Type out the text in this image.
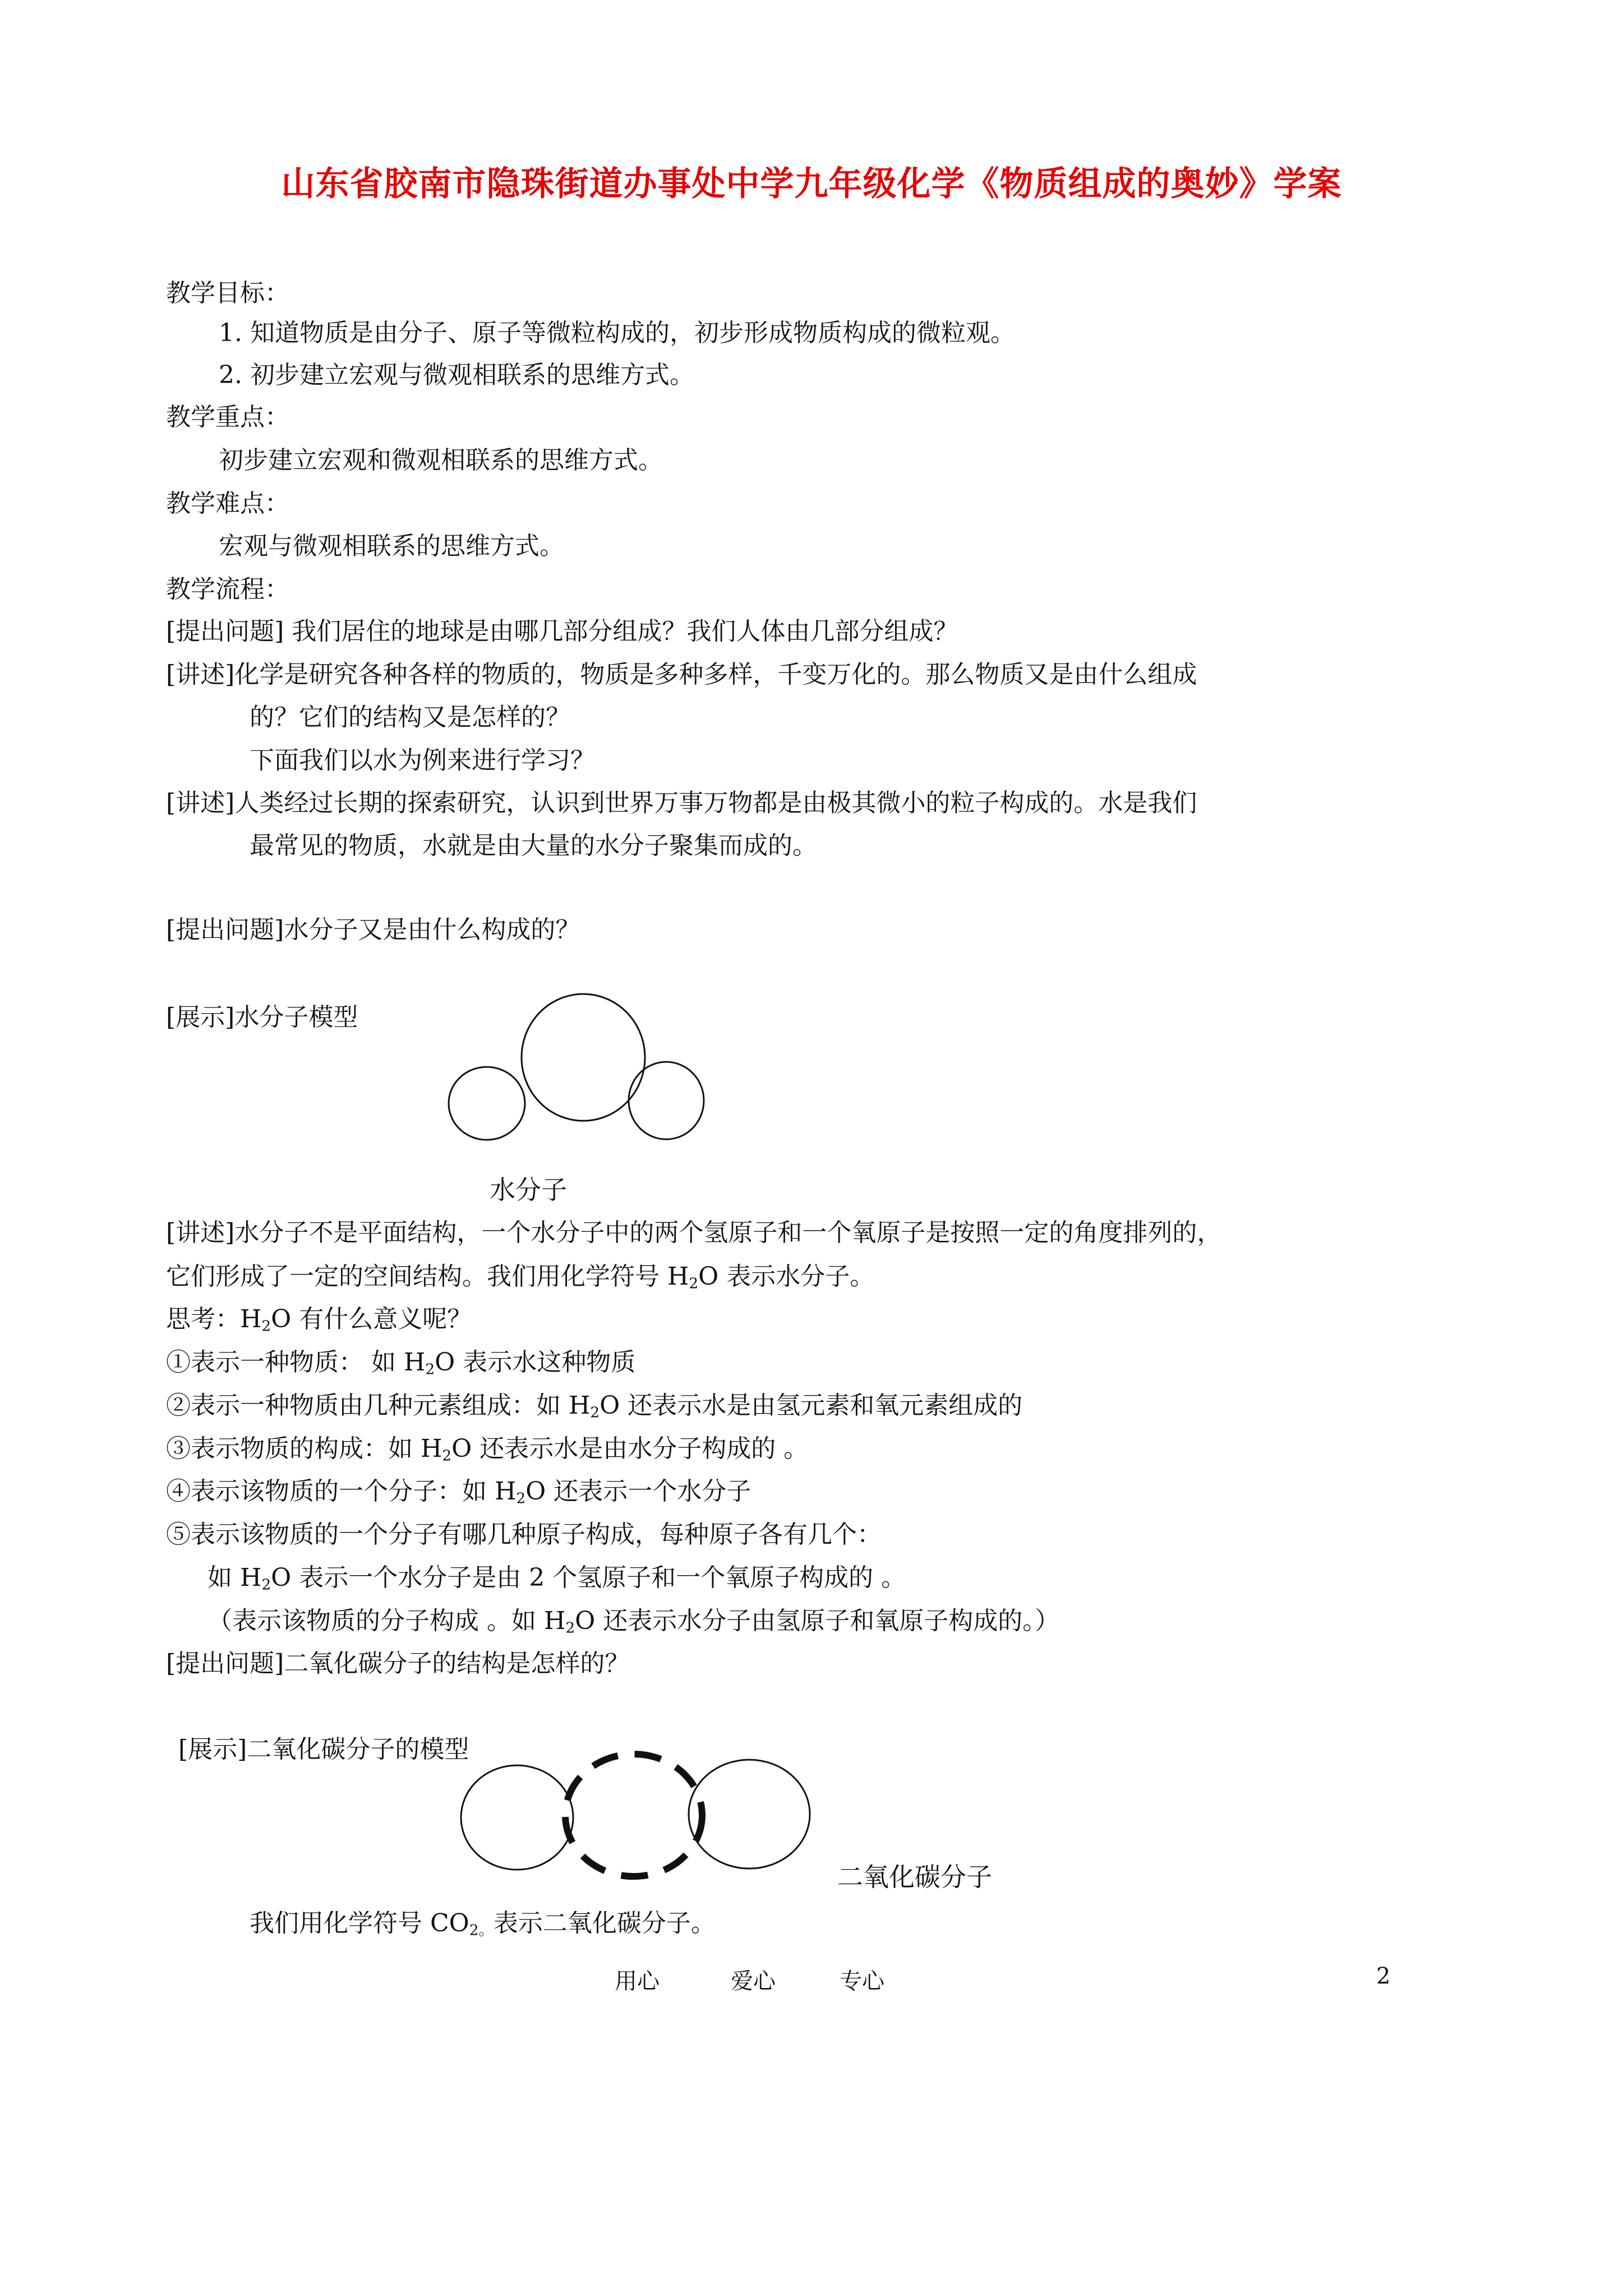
山东省胶南市隐珠街道办事处中学九年级化学《物质组成的奥妙》学案
教学目标：
1. 知道物质是由分子、原子等微粒构成的，初步形成物质构成的微粒观。
2. 初步建立宏观与微观相联系的思维方式。
教学重点：
初步建立宏观和微观相联系的思维方式。
教学难点：
宏观与微观相联系的思维方式。
教学流程：
[提出问题] 我们居住的地球是由哪几部分组成？我们人体由几部分组成？
[讲述]化学是研究各种各样的物质的，物质是多种多样，千变万化的。那么物质又是由什么组成
的？它们的结构又是怎样的？
下面我们以水为例来进行学习？
[讲述]人类经过长期的探索研究，认识到世界万事万物都是由极其微小的粒子构成的。水是我们
最常见的物质，水就是由大量的水分子聚集而成的。
[提出问题]水分子又是由什么构成的？
[展示]水分子模型
水分子
[讲述]水分子不是平面结构，一个水分子中的两个氢原子和一个氧原子是按照一定的角度排列的，
它们形成了一定的空间结构。我们用化学符号 $H_2O$ 表示水分子。
思考：$H_2O$ 有什么意义呢？
①表示一种物质： 如 $H_2O$ 表示水这种物质
②表示一种物质由几种元素组成：如 $H_2O$ 还表示水是由氢元素和氧元素组成的
③表示物质的构成：如 $H_2O$ 还表示水是由水分子构成的 。
④表示该物质的一个分子：如 $H_2O$ 还表示一个水分子
⑤表示该物质的一个分子有哪几种原子构成，每种原子各有几个：
如 $H_2O$ 表示一个水分子是由 2 个氢原子和一个氧原子构成的 。
（表示该物质的分子构成 。如 $H_2O$ 还表示水分子由氢原子和氧原子构成的。）
[提出问题]二氧化碳分子的结构是怎样的？
[展示]二氧化碳分子的模型
二氧化碳分子
我们用化学符号 $CO_{2。}$表示二氧化碳分子。
用心	爱心	专心	2
